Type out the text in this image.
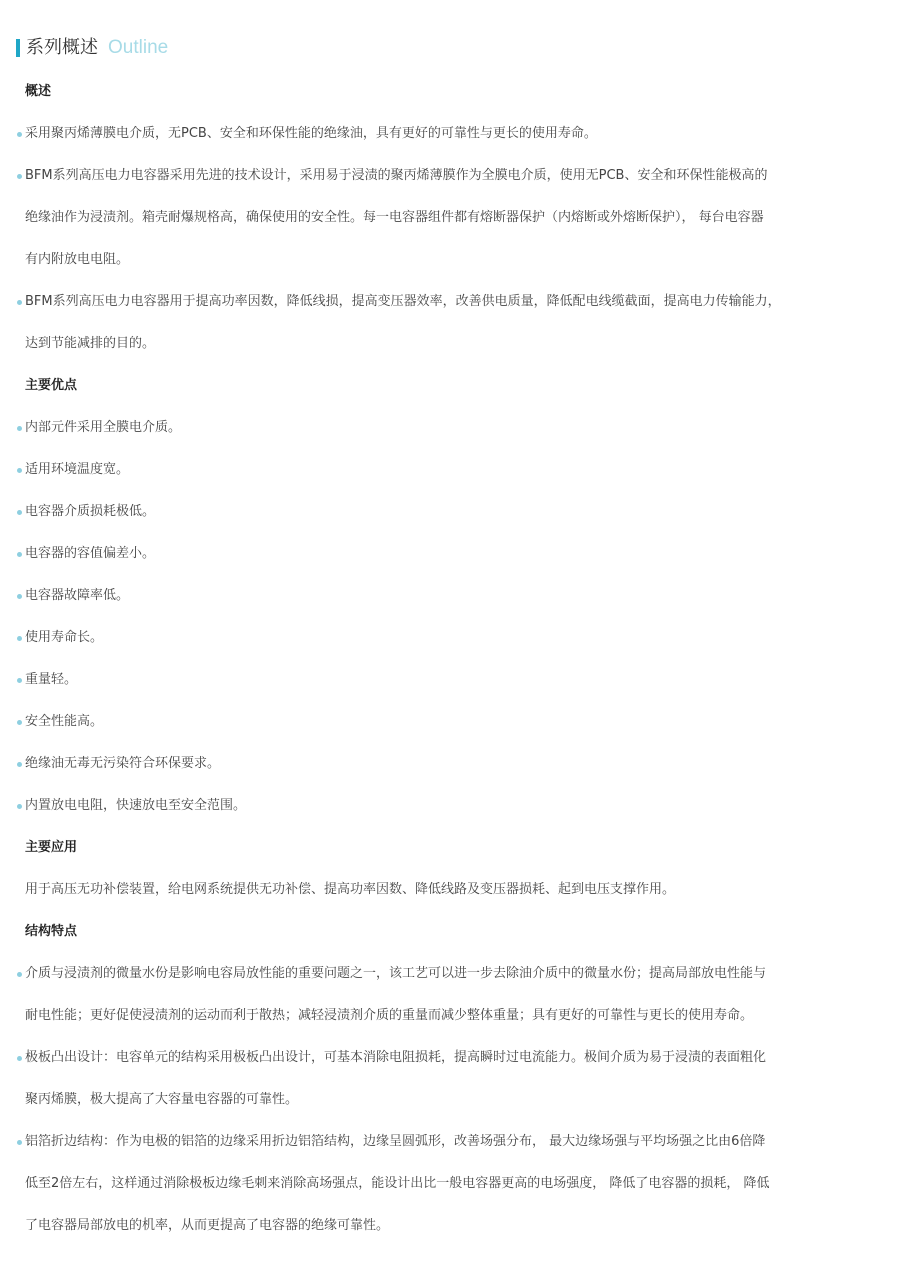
系列概述 Outline
概述
采用聚丙烯薄膜电介质，无PCB、安全和环保性能的绝缘油，具有更好的可靠性与更长的使用寿命。
BFM系列高压电力电容器采用先进的技术设计，采用易于浸渍的聚丙烯薄膜作为全膜电介质，使用无PCB、安全和环保性能极高的
绝缘油作为浸渍剂。箱壳耐爆规格高，确保使用的安全性。每一电容器组件都有熔断器保护（内熔断或外熔断保护）， 每台电容器
有内附放电电阻。
BFM系列高压电力电容器用于提高功率因数，降低线损，提高变压器效率，改善供电质量，降低配电线缆截面，提高电力传输能力，
达到节能减排的目的。
主要优点
内部元件采用全膜电介质。
适用环境温度宽。
电容器介质损耗极低。
电容器的容值偏差小。
电容器故障率低。
使用寿命长。
重量轻。
安全性能高。
绝缘油无毒无污染符合环保要求。
内置放电电阻，快速放电至安全范围。
主要应用
用于高压无功补偿装置，给电网系统提供无功补偿、提高功率因数、降低线路及变压器损耗、起到电压支撑作用。
结构特点
介质与浸渍剂的微量水份是影响电容局放性能的重要问题之一，该工艺可以进一步去除油介质中的微量水份；提高局部放电性能与
耐电性能；更好促使浸渍剂的运动而利于散热；减轻浸渍剂介质的重量而减少整体重量；具有更好的可靠性与更长的使用寿命。
极板凸出设计：电容单元的结构采用极板凸出设计，可基本消除电阻损耗，提高瞬时过电流能力。极间介质为易于浸渍的表面粗化
聚丙烯膜，极大提高了大容量电容器的可靠性。
铝箔折边结构：作为电极的铝箔的边缘采用折边铝箔结构，边缘呈圆弧形，改善场强分布， 最大边缘场强与平均场强之比由6倍降
低至2倍左右，这样通过消除极板边缘毛刺来消除高场强点，能设计出比一般电容器更高的电场强度， 降低了电容器的损耗， 降低
了电容器局部放电的机率，从而更提高了电容器的绝缘可靠性。
